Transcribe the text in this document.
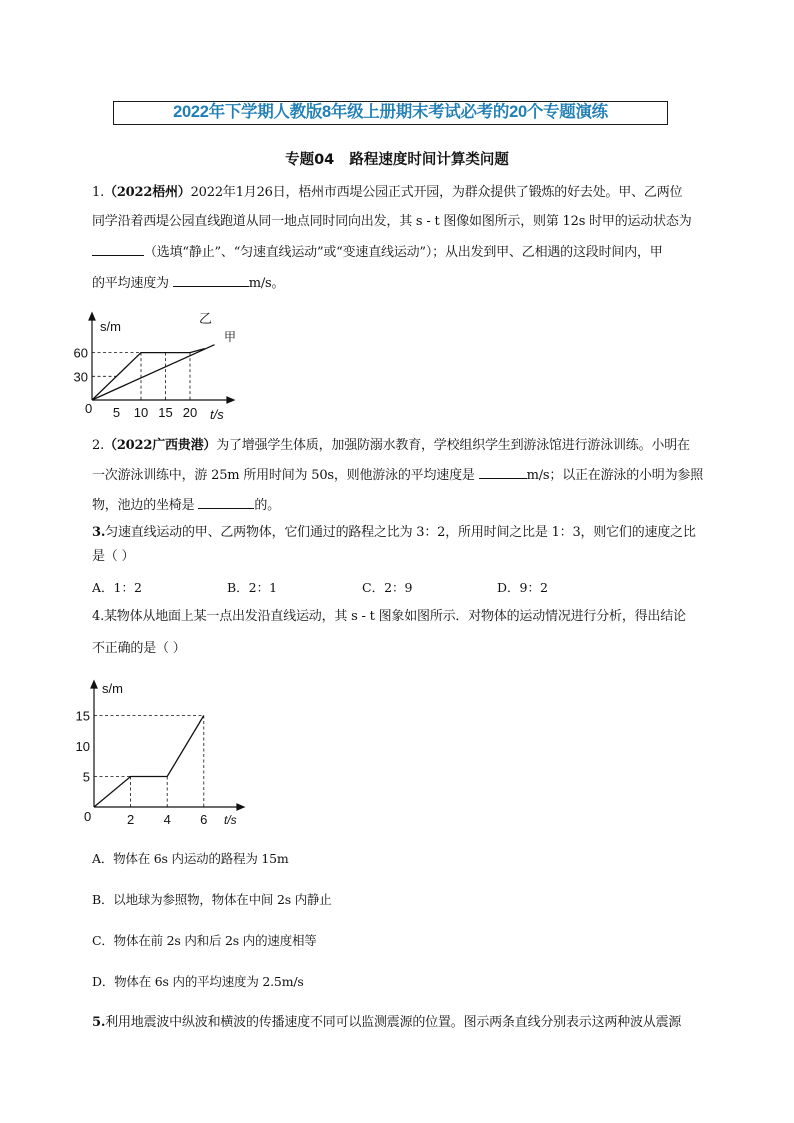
2022年下学期人教版8年级上册期末考试必考的20个专题演练
专题04   路程速度时间计算类问题
1.（2022梧州）2022年1月26日，梧州市西堤公园正式开园，为群众提供了锻炼的好去处。甲、乙两位
同学沿着西堤公园直线跑道从同一地点同时同向出发，其 s - t 图像如图所示，则第 12s 时甲的运动状态为
（选填“静止”、“匀速直线运动”或“变速直线运动”）；从出发到甲、乙相遇的这段时间内，甲
的平均速度为	m/s。
s/m
t/s
0
乙
甲
30
60
5 10 15 20
2.（2022广西贵港）为了增强学生体质，加强防溺水教育，学校组织学生到游泳馆进行游泳训练。小明在
一次游泳训练中，游 25m 所用时间为 50s，则他游泳的平均速度是	m/s；以正在游泳的小明为参照
物，池边的坐椅是	的。
3.匀速直线运动的甲、乙两物体，它们通过的路程之比为 3：2，所用时间之比是 1：3，则它们的速度之比
是（ ）
A．1：2	B．2：1	C．2：9	D．9：2
4.某物体从地面上某一点出发沿直线运动，其 s - t 图象如图所示．对物体的运动情况进行分析，得出结论
不正确的是（ ）
s/m
t/s
0
5
10
15
2 4 6
A．物体在 6s 内运动的路程为 15m
B．以地球为参照物，物体在中间 2s 内静止
C．物体在前 2s 内和后 2s 内的速度相等
D．物体在 6s 内的平均速度为 2.5m/s
5.利用地震波中纵波和横波的传播速度不同可以监测震源的位置。图示两条直线分别表示这两种波从震源
